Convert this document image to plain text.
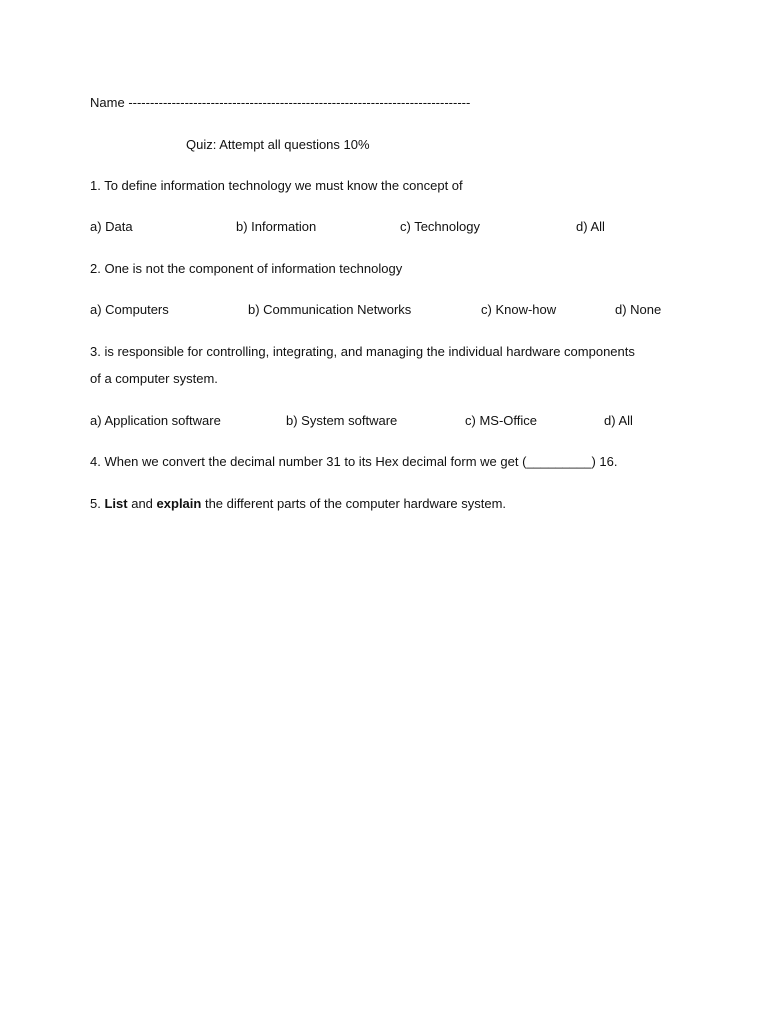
Name -------------------------------------------------------------------------------
Quiz: Attempt all questions 10%
1. To define information technology we must know the concept of
a) Data	b) Information	c) Technology	d) All
2. One is not the component of information technology
a) Computers	b) Communication Networks	c) Know-how	d) None
3. is responsible for controlling, integrating, and managing the individual hardware components
of a computer system.
a) Application software	b) System software	c) MS-Office	d) All
4. When we convert the decimal number 31 to its Hex decimal form we get (_________) 16.
5. List and explain the different parts of the computer hardware system.
